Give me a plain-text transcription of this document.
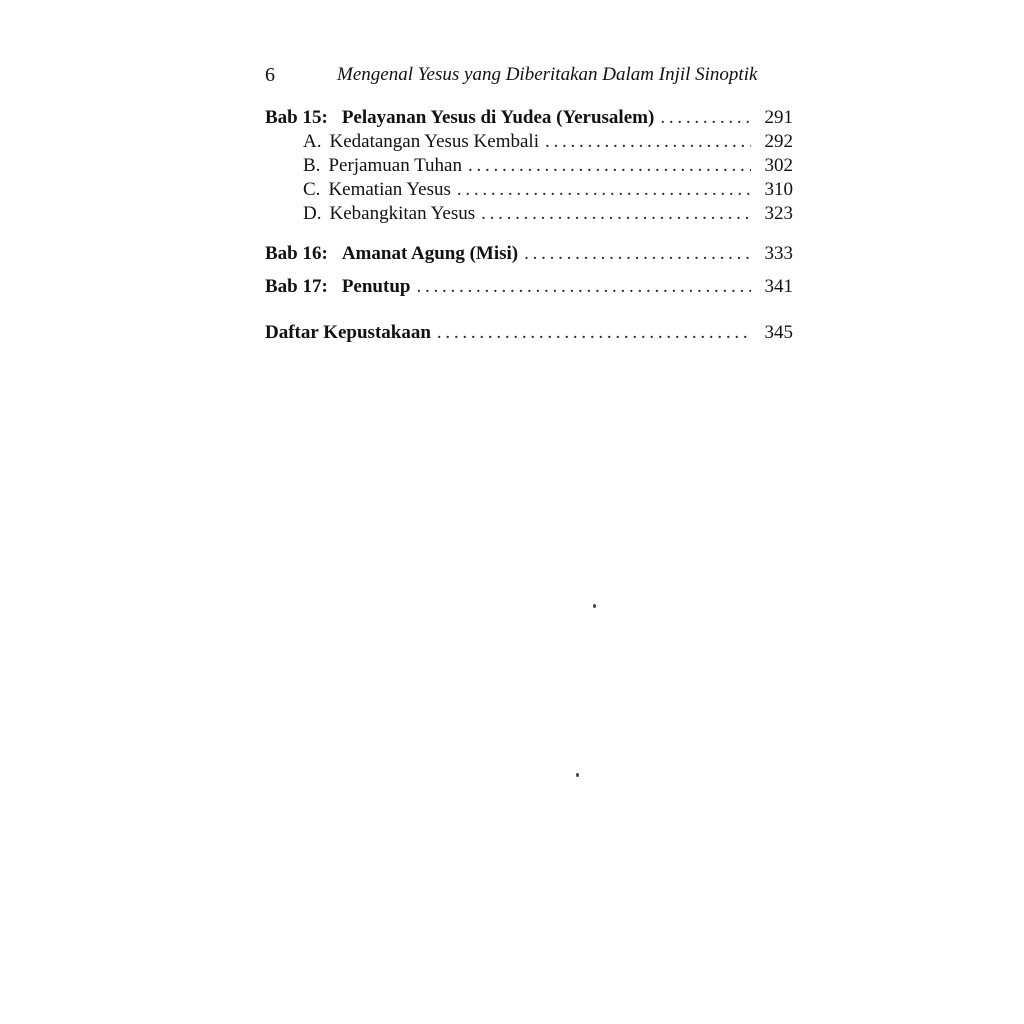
6	Mengenal Yesus yang Diberitakan Dalam Injil Sinoptik
Bab 15: Pelayanan Yesus di Yudea (Yerusalem) . . .	291
A. Kedatangan Yesus Kembali . . .	292
B. Perjamuan Tuhan . . .	302
C. Kematian Yesus . . .	310
D. Kebangkitan Yesus . . .	323
Bab 16: Amanat Agung (Misi) . . .	333
Bab 17: Penutup . . .	341
Daftar Kepustakaan . . .	345
